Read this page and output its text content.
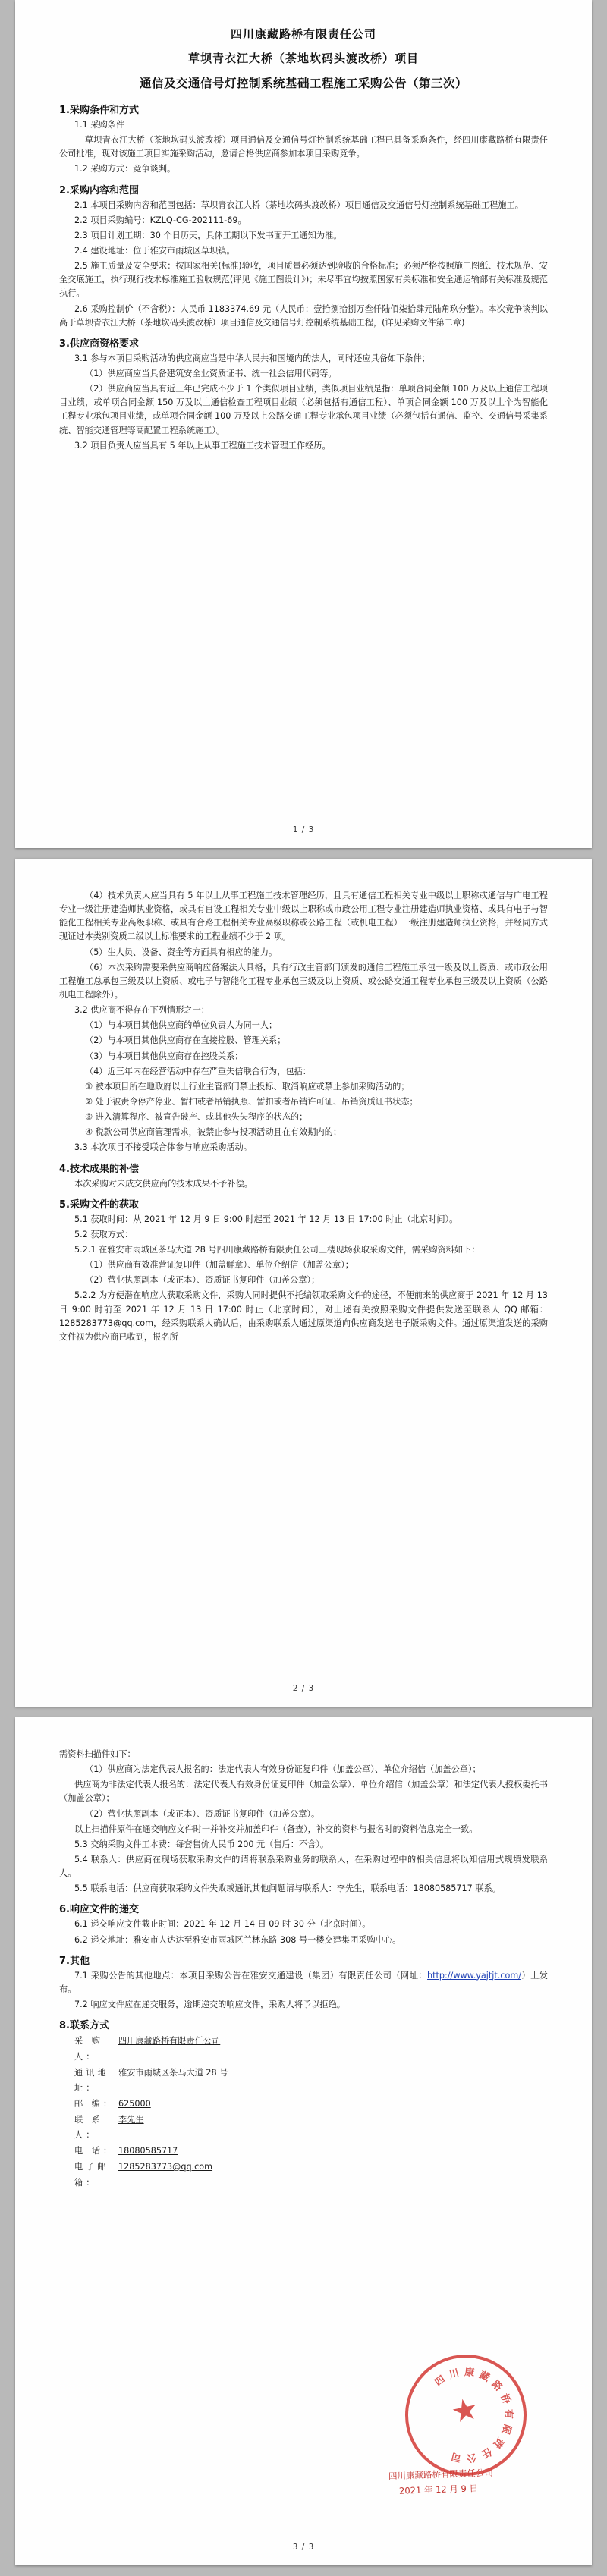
四川康藏路桥有限责任公司
草坝青衣江大桥（茶地坎码头渡改桥）项目
通信及交通信号灯控制系统基础工程施工采购公告（第三次）
1.采购条件和方式

1.1 采购条件

草坝青衣江大桥（茶地坎码头渡改桥）项目通信及交通信号灯控制系统基础工程已具备采购条件，经四川康藏路桥有限责任公司批准，现对该施工项目实施采购活动，邀请合格供应商参加本项目采购竞争。

1.2 采购方式：竞争谈判。

2.采购内容和范围

2.1 本项目采购内容和范围包括：草坝青衣江大桥（茶地坎码头渡改桥）项目通信及交通信号灯控制系统基础工程施工。

2.2 项目采购编号：KZLQ-CG-202111-69。

2.3 项目计划工期：30 个日历天，具体工期以下发书面开工通知为准。

2.4 建设地址：位于雅安市雨城区草坝镇。

2.5 施工质量及安全要求：按国家相关(标准)验收，项目质量必须达到验收的合格标准；必须严格按照施工图纸、技术规范、安全交底施工，执行现行技术标准施工验收规范(评见《施工图设计》)；未尽事宜均按照国家有关标准和安全通运输部有关标准及规范执行。

2.6 采购控制价（不含税）：人民币 1183374.69 元（人民币：壹拾捌拾捌万叁仟陆佰柒拾肆元陆角玖分整）。本次竞争谈判以高于草坝青衣江大桥（茶地坎码头渡改桥）项目通信及交通信号灯控制系统基础工程，(详见采购文件第二章)

3.供应商资格要求

3.1 参与本项目采购活动的供应商应当是中华人民共和国境内的法人，同时还应具备如下条件；

（1）供应商应当具备建筑安全业资质证书、统一社会信用代码等。

（2）供应商应当具有近三年已完成不少于 1 个类似项目业绩，类似项目业绩是指：单项合同金额 100 万及以上通信工程项目业绩，或单项合同金额 150 万及以上通信检查工程项目业绩（必须包括有通信工程）、单项合同金额 100 万及以上个为智能化工程专业承包项目业绩，或单项合同金额 100 万及以上公路交通工程专业承包项目业绩（必须包括有通信、监控、交通信号采集系统、智能交通管理等高配置工程系统施工）。

3.2 项目负责人应当具有 5 年以上从事工程施工技术管理工作经历。

1 / 3

（4）技术负责人应当具有 5 年以上从事工程施工技术管理经历，且具有通信工程相关专业中级以上职称或通信与广电工程专业一级注册建造师执业资格，或具有自设工程相关专业中级以上职称或市政公用工程专业注册建造师执业资格、或具有电子与智能化工程相关专业高级职称、或具有合路工程相关专业高级职称或公路工程（或机电工程）一级注册建造师执业资格，并经同方式现证过本类别资质二级以上标准要求的工程业绩不少于 2 项。

（5）生人员、设备、资金等方面具有相应的能力。

（6）本次采购需要采供应商响应备案法人具格，具有行政主管部门颁发的通信工程施工承包一级及以上资质、或市政公用工程施工总承包三级及以上资质、或电子与智能化工程专业承包三级及以上资质、或公路交通工程专业承包三级及以上资质（公路机电工程除外）。

3.2 供应商不得存在下列情形之一：

（1）与本项目其他供应商的单位负责人为同一人；

（2）与本项目其他供应商存在直接控股、管理关系；

（3）与本项目其他供应商存在控股关系；

（4）近三年内在经营活动中存在严重失信联合行为，包括：

① 被本项目所在地政府以上行业主管部门禁止投标、取消响应或禁止参加采购活动的；

② 处于被责令停产停业、暂扣或者吊销执照、暂扣或者吊销许可证、吊销资质证书状态；

③ 进入清算程序、被宣告破产、或其他失失程序的状态的；

④ 税款公司供应商管理需求，被禁止参与投项活动且在有效期内的；

3.3 本次项目不接受联合体参与响应采购活动。

4.技术成果的补偿

本次采购对未成交供应商的技术成果不予补偿。

5.采购文件的获取

5.1 获取时间：从 2021 年 12 月 9 日 9:00 时起至 2021 年 12 月 13 日 17:00 时止（北京时间）。

5.2 获取方式：

5.2.1 在雅安市雨城区茶马大道 28 号四川康藏路桥有限责任公司三楼现场获取采购文件，需采购资料如下：

（1）供应商有效准营证复印件（加盖鲜章）、单位介绍信（加盖公章）；

（2）营业执照副本（或正本）、资质证书复印件（加盖公章）；

5.2.2 为方便潜在响应人获取采购文件，采购人同时提供不托编领取采购文件的途径，不便前来的供应商于 2021 年 12 月 13 日 9:00 时前至 2021 年 12 月 13 日 17:00 时止（北京时间），对上述有关按照采购文件提供发送至联系人 QQ 邮箱：1285283773@qq.com，经采购联系人确认后，由采购联系人通过原渠道向供应商发送电子版采购文件。通过原渠道发送的采购文件视为供应商已收到，报名所

2 / 3

需资料扫描件如下：

（1）供应商为法定代表人报名的：法定代表人有效身份证复印件（加盖公章）、单位介绍信（加盖公章）；

供应商为非法定代表人报名的：法定代表人有效身份证复印件（加盖公章）、单位介绍信（加盖公章）和法定代表人授权委托书（加盖公章）；

（2）营业执照副本（或正本）、资质证书复印件（加盖公章）。

以上扫描件原件在通交响应文件时一并补交并加盖印件（备查），补交的资料与报名时的资料信息完全一致。

5.3 交纳采购文件工本费：每套售价人民币 200 元（售后：不含）。

5.4 联系人：供应商在现场获取采购文件的请将联系采购业务的联系人，在采购过程中的相关信息将以知信用式规填发联系人。

5.5 联系电话：供应商获取采购文件失败或通讯其他问题请与联系人：李先生，联系电话：18080585717 联系。

6.响应文件的递交

6.1 递交响应文件截止时间：2021 年 12 月 14 日 09 时 30 分（北京时间）。

6.2 递交地址：雅安市人达达至雅安市雨城区兰林东路 308 号一楼交建集团采购中心。

7.其他

7.1 采购公告的其他地点：本项目采购公告在雅安交通建设（集团）有限责任公司（网址：http://www.yajtjt.com/）上发布。

7.2 响应文件应在递交服务，逾期递交的响应文件，采购人将予以拒绝。

8.联系方式
采 购 人：
四川康藏路桥有限责任公司
通讯地址：
雅安市雨城区茶马大道 28 号
邮 编： 625000
联 系 人：
李先生
电 话： 18080585717
电子邮箱：
1285283773@qq.com
四川康藏路桥有限责任公司
2021 年 12 月 9 日
四 川 康 藏
路
桥
有
限
责
任
公
司
★
3 / 3
